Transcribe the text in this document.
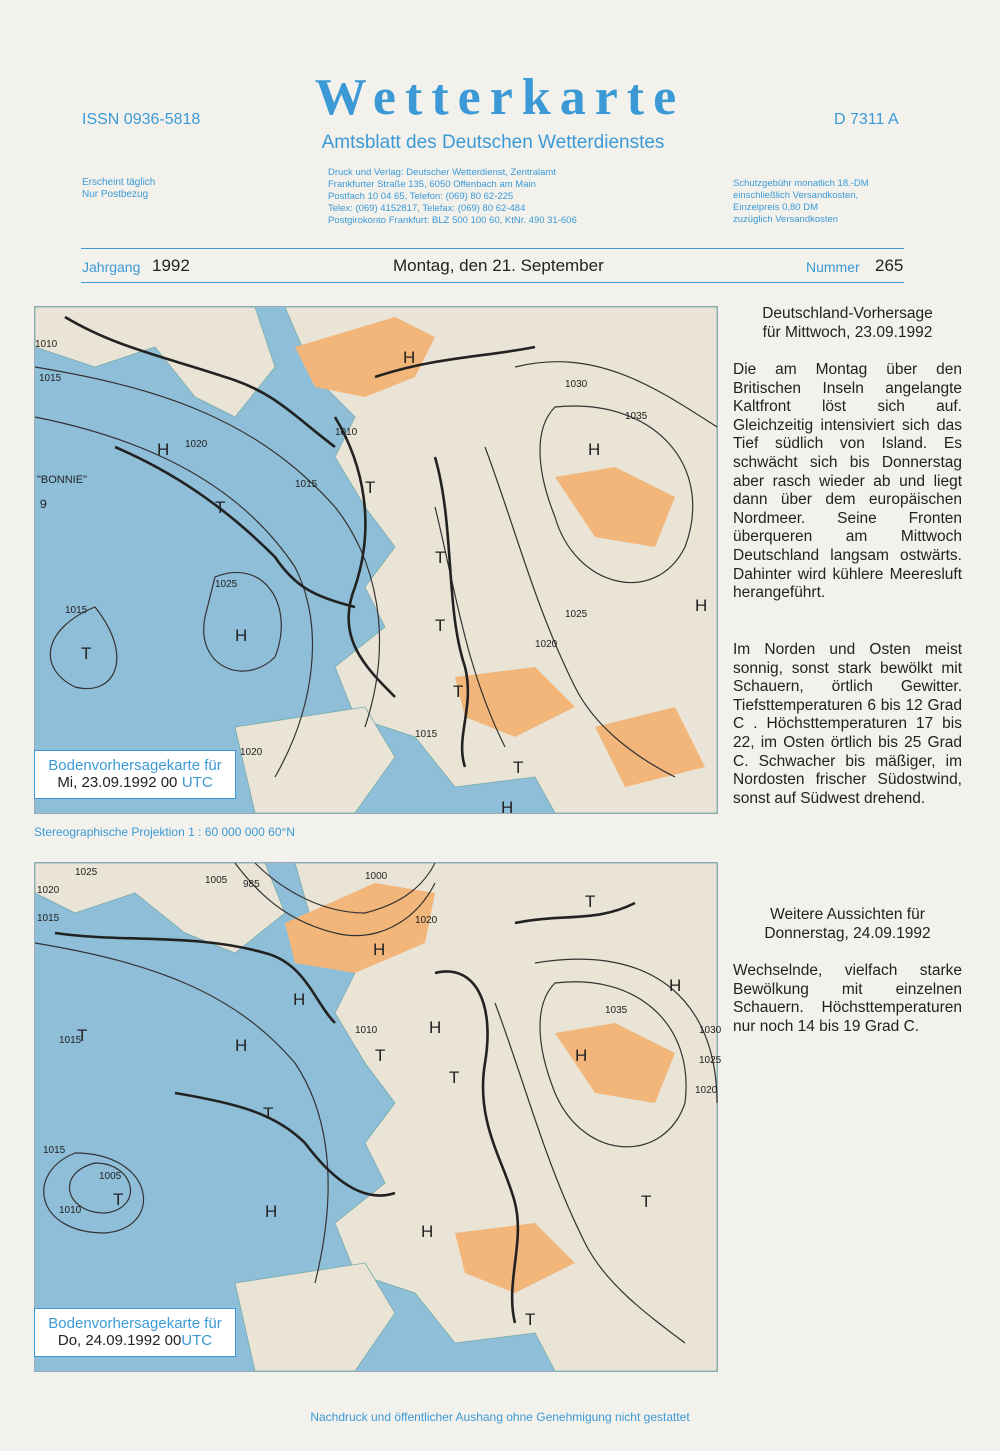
ISSN 0936-5818	Wetterkarte	D 7311 A
Amtsblatt des Deutschen Wetterdienstes
Erscheint täglich
Nur Postbezug
Druck und Verlag: Deutscher Wetterdienst, Zentralamt
Frankfurter Straße 135, 6050 Offenbach am Main
Postfach 10 04 65, Telefon: (069) 80 62-225
Telex: (069) 4152817, Telefax: (069) 80 62-484
Postgirokonto Frankfurt: BLZ 500 100 60, KtNr. 490 31-606
Schutzgebühr monatlich 18.-DM
einschließlich Versandkosten,
Einzelpreis 0,80 DM
zuzüglich Versandkosten
Jahrgang 1992	Montag, den 21. September	Nummer 265
1010
1015
1020
1025
1030
1035
1010
1015
1020
1015	1025
1020
1015
H
H	H
H
H
T
T
T
T
T
T
T
H
"BONNIE"
⁹
Bodenvorhersagekarte für
Mi, 23.09.1992 00 UTC
Stereographische Projektion 1 : 60 000 000 60°N
1025
1020
1015
1015
1005 985
1000
1020
1010
1035
1030
1025
1020
1015
1010
1005
H
H
H
H
H
H
H
H
T
T
T
T
T
T
T
T
Bodenvorhersagekarte für
Do, 24.09.1992 00UTC
Deutschland-Vorhersage
für Mittwoch, 23.09.1992
Die am Montag über den Britischen Inseln angelangte Kaltfront löst sich auf. Gleichzeitig intensiviert sich das Tief südlich von Island. Es schwächt sich bis Donnerstag aber rasch wieder ab und liegt dann über dem europäischen Nordmeer. Seine Fronten überqueren am Mittwoch Deutschland langsam ostwärts. Dahinter wird kühlere Meeresluft herangeführt.
Im Norden und Osten meist sonnig, sonst stark bewölkt mit Schauern, örtlich Gewitter. Tiefsttemperaturen 6 bis 12 Grad C . Höchsttemperaturen 17 bis 22, im Osten örtlich bis 25 Grad C. Schwacher bis mäßiger, im Nordosten frischer Südostwind, sonst auf Südwest drehend.
Weitere Aussichten für
Donnerstag, 24.09.1992
Wechselnde, vielfach starke Bewölkung mit einzelnen Schauern. Höchsttemperaturen nur noch 14 bis 19 Grad C.
Nachdruck und öffentlicher Aushang ohne Genehmigung nicht gestattet
